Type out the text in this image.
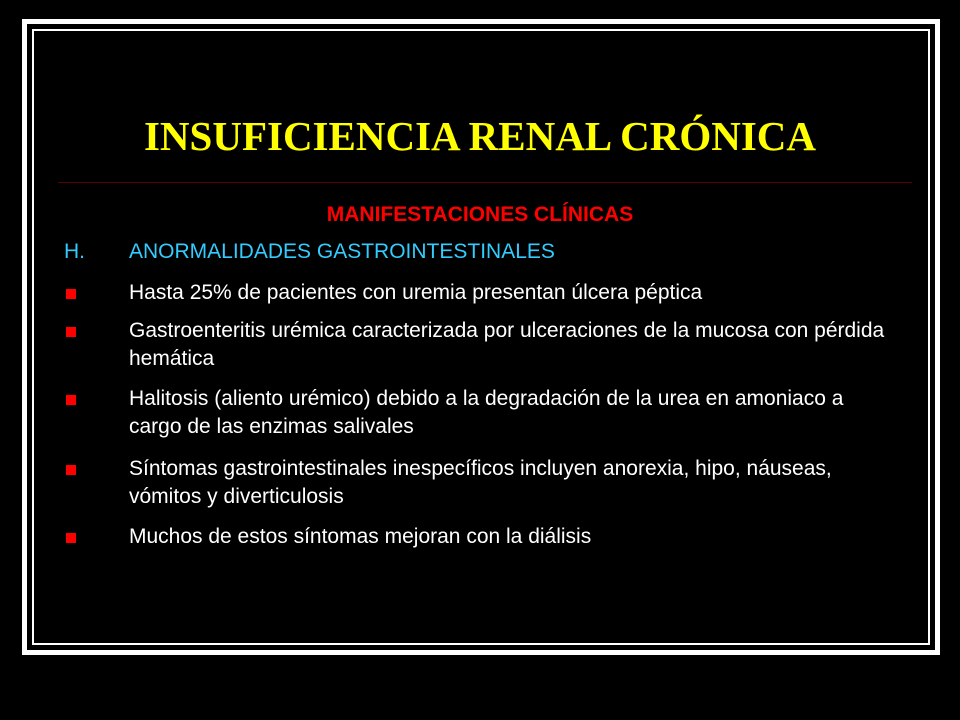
INSUFICIENCIA RENAL CRÓNICA
MANIFESTACIONES CLÍNICAS
H. ANORMALIDADES GASTROINTESTINALES
Hasta 25% de pacientes con uremia presentan úlcera péptica
Gastroenteritis urémica caracterizada por ulceraciones de la mucosa con pérdida hemática
Halitosis (aliento urémico) debido a la degradación de la urea en amoniaco a cargo de las enzimas salivales
Síntomas gastrointestinales inespecíficos incluyen anorexia, hipo, náuseas, vómitos y diverticulosis
Muchos de estos síntomas mejoran con la diálisis
